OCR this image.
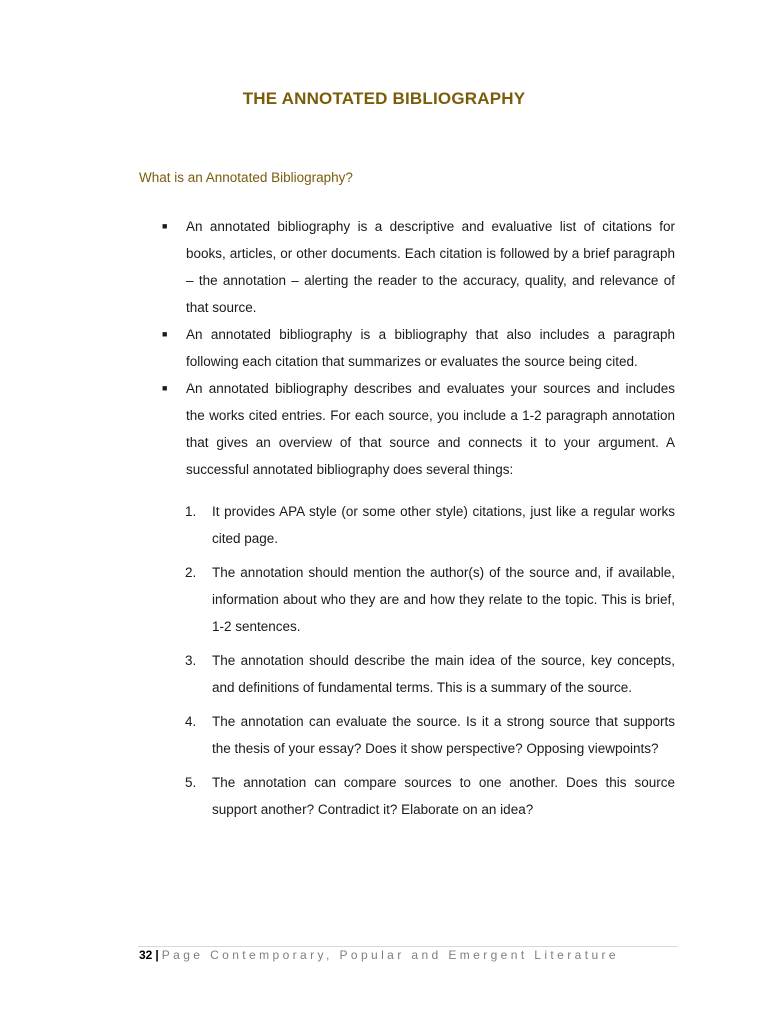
THE ANNOTATED BIBLIOGRAPHY
What is an Annotated Bibliography?
■ An annotated bibliography is a descriptive and evaluative list of citations for books, articles, or other documents. Each citation is followed by a brief paragraph – the annotation – alerting the reader to the accuracy, quality, and relevance of that source.
■ An annotated bibliography is a bibliography that also includes a paragraph following each citation that summarizes or evaluates the source being cited.
■ An annotated bibliography describes and evaluates your sources and includes the works cited entries. For each source, you include a 1-2 paragraph annotation that gives an overview of that source and connects it to your argument. A successful annotated bibliography does several things:
1. It provides APA style (or some other style) citations, just like a regular works cited page.
2. The annotation should mention the author(s) of the source and, if available, information about who they are and how they relate to the topic. This is brief, 1-2 sentences.
3. The annotation should describe the main idea of the source, key concepts, and definitions of fundamental terms. This is a summary of the source.
4. The annotation can evaluate the source. Is it a strong source that supports the thesis of your essay? Does it show perspective? Opposing viewpoints?
5. The annotation can compare sources to one another. Does this source support another? Contradict it? Elaborate on an idea?
32 | Page Contemporary, Popular and Emergent Literature
